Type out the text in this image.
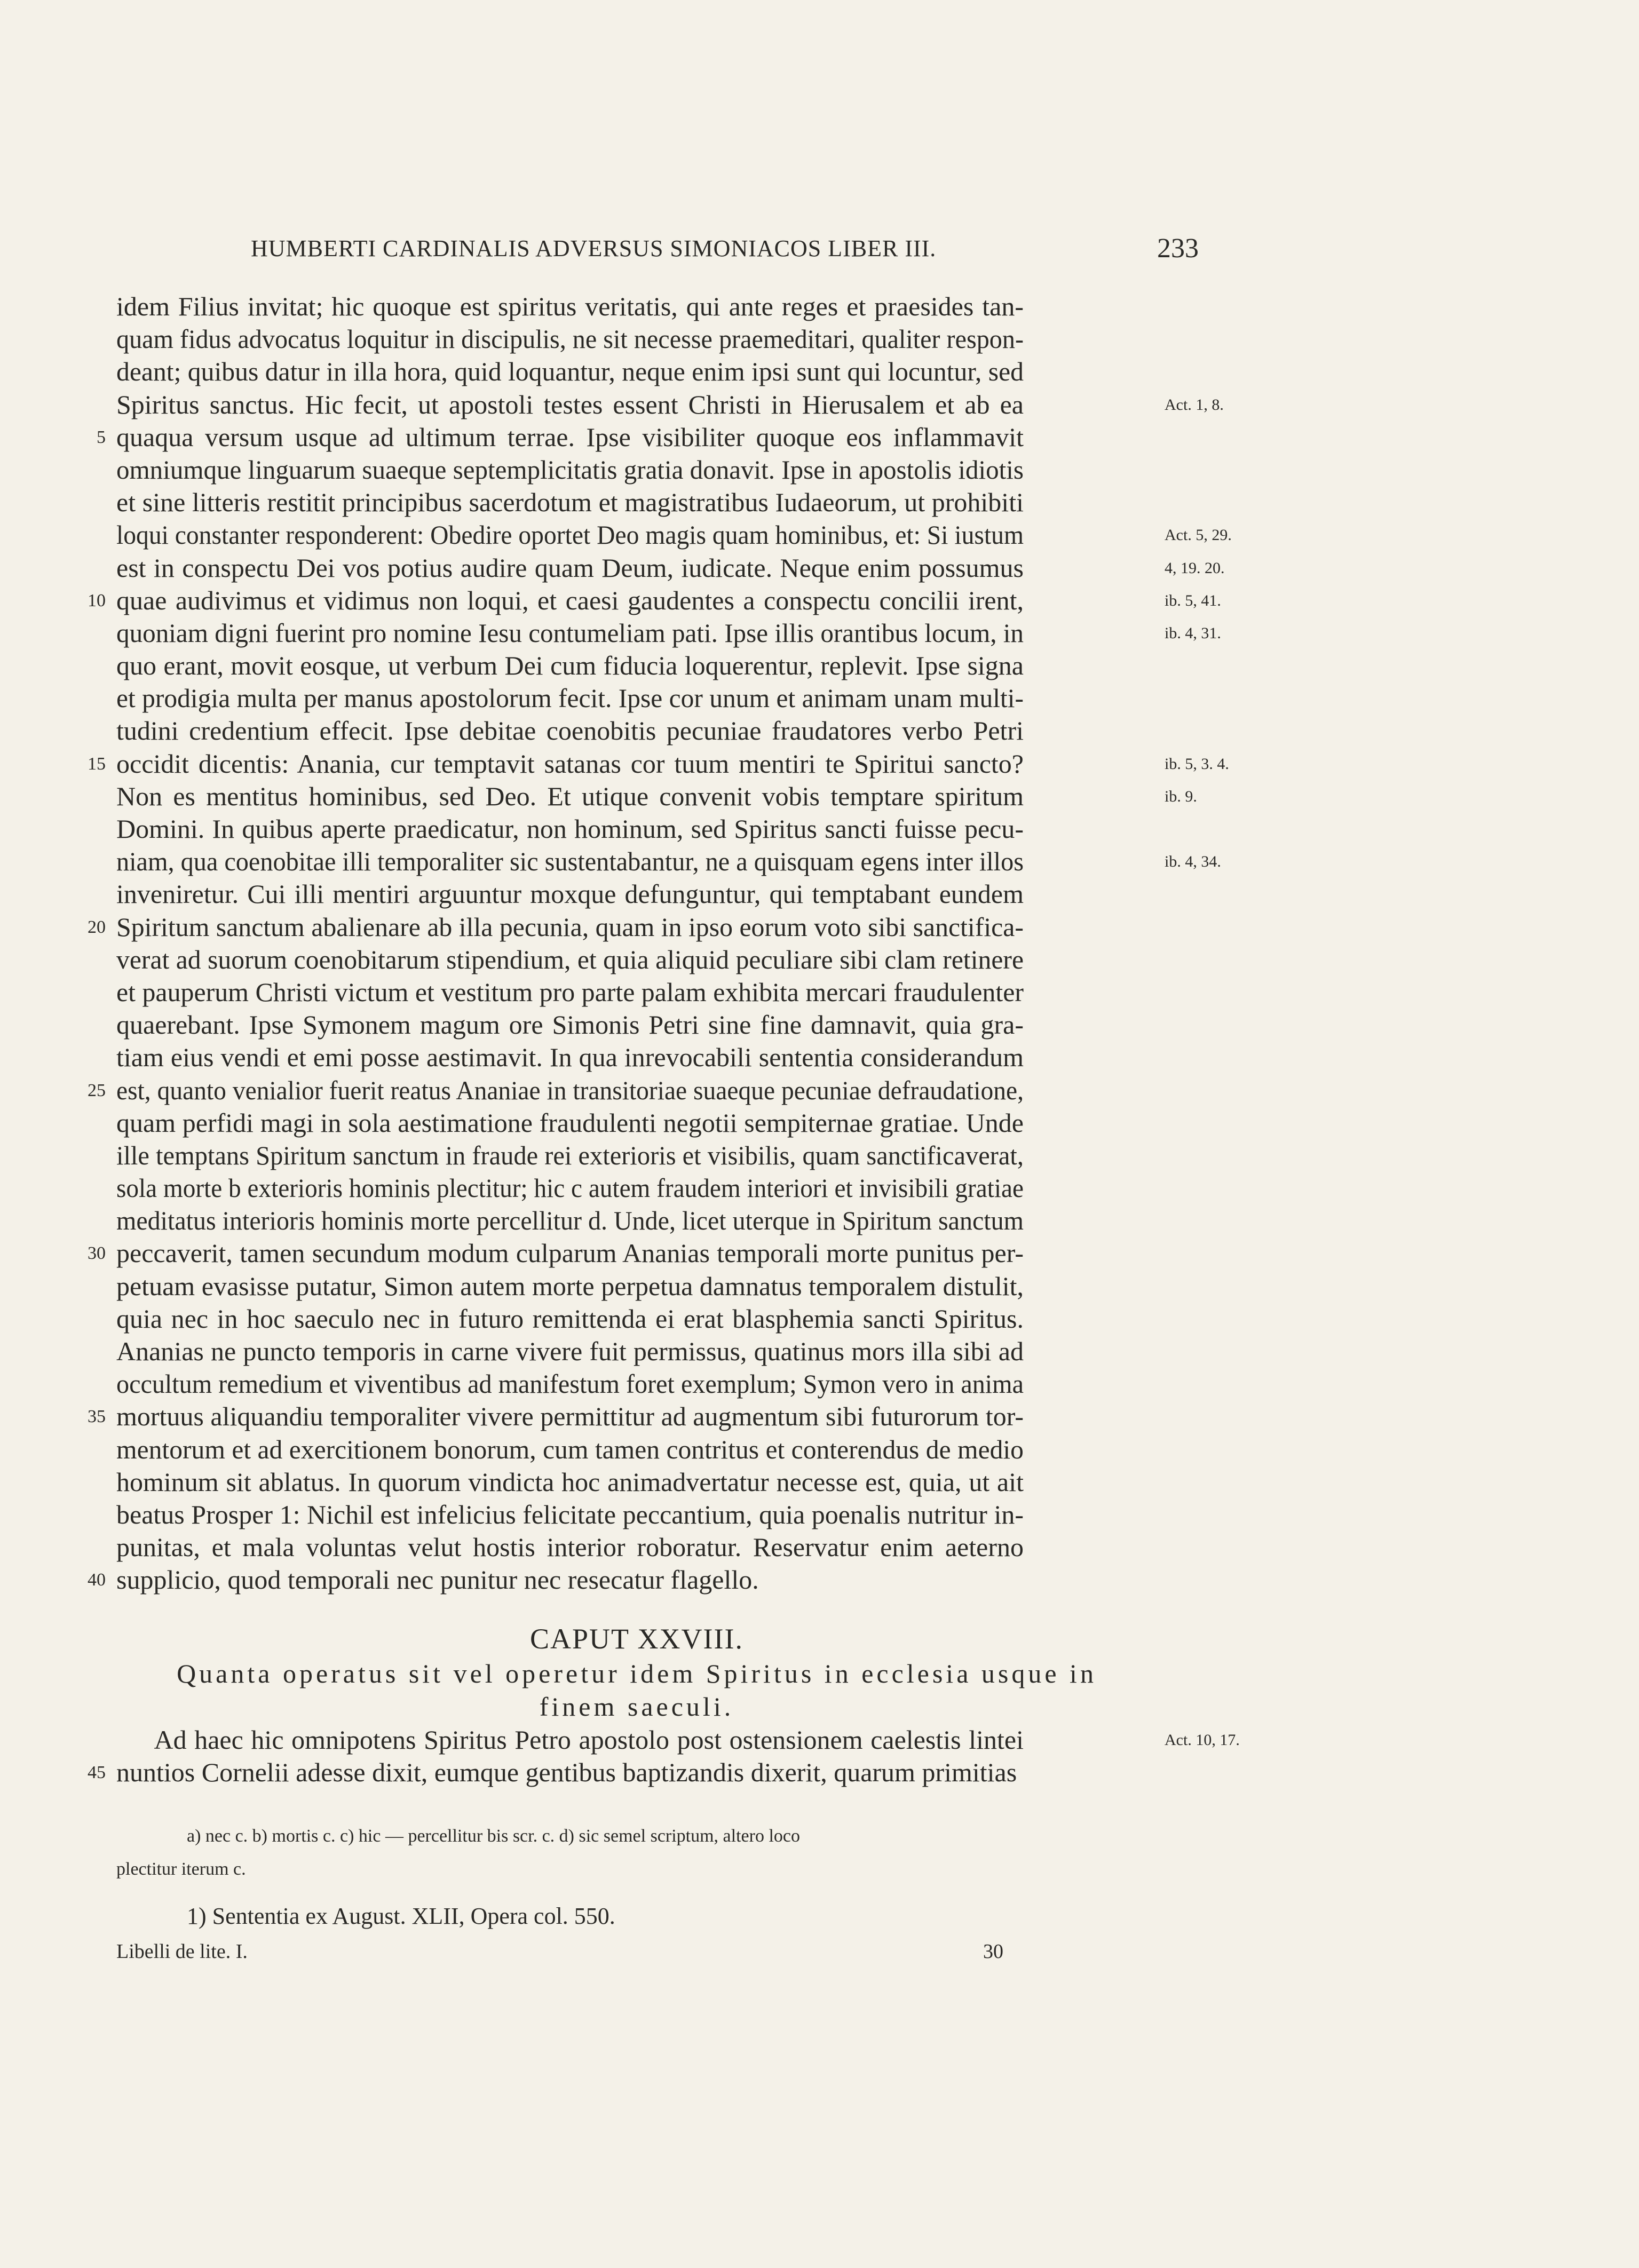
HUMBERTI CARDINALIS ADVERSUS SIMONIACOS LIBER III.	233
idem Filius invitat; hic quoque est spiritus veritatis, qui ante reges et praesides tan-
quam fidus advocatus loquitur in discipulis, ne sit necesse praemeditari, qualiter respon-
deant; quibus datur in illa hora, quid loquantur, neque enim ipsi sunt qui locuntur, sed
Spiritus sanctus. Hic fecit, ut apostoli testes essent Christi in Hierusalem et ab ea	Act. 1, 8.
5 quaqua versum usque ad ultimum terrae. Ipse visibiliter quoque eos inflammavit
omniumque linguarum suaeque septemplicitatis gratia donavit. Ipse in apostolis idiotis
et sine litteris restitit principibus sacerdotum et magistratibus Iudaeorum, ut prohibiti
loqui constanter responderent: Obedire oportet Deo magis quam hominibus, et: Si iustum	Act. 5, 29.
est in conspectu Dei vos potius audire quam Deum, iudicate. Neque enim possumus	4, 19. 20.
10 quae audivimus et vidimus non loqui, et caesi gaudentes a conspectu concilii irent,	ib. 5, 41.
quoniam digni fuerint pro nomine Iesu contumeliam pati. Ipse illis orantibus locum, in	ib. 4, 31.
quo erant, movit eosque, ut verbum Dei cum fiducia loquerentur, replevit. Ipse signa
et prodigia multa per manus apostolorum fecit. Ipse cor unum et animam unam multi-
tudini credentium effecit. Ipse debitae coenobitis pecuniae fraudatores verbo Petri
15 occidit dicentis: Anania, cur temptavit satanas cor tuum mentiri te Spiritui sancto?	ib. 5, 3. 4.
Non es mentitus hominibus, sed Deo. Et utique convenit vobis temptare spiritum	ib. 9.
Domini. In quibus aperte praedicatur, non hominum, sed Spiritus sancti fuisse pecu-
niam, qua coenobitae illi temporaliter sic sustentabantur, ne a quisquam egens inter illos	ib. 4, 34.
inveniretur. Cui illi mentiri arguuntur moxque defunguntur, qui temptabant eundem
20 Spiritum sanctum abalienare ab illa pecunia, quam in ipso eorum voto sibi sanctifica-
verat ad suorum coenobitarum stipendium, et quia aliquid peculiare sibi clam retinere
et pauperum Christi victum et vestitum pro parte palam exhibita mercari fraudulenter
quaerebant. Ipse Symonem magum ore Simonis Petri sine fine damnavit, quia gra-
tiam eius vendi et emi posse aestimavit. In qua inrevocabili sententia considerandum
25 est, quanto venialior fuerit reatus Ananiae in transitoriae suaeque pecuniae defraudatione,
quam perfidi magi in sola aestimatione fraudulenti negotii sempiternae gratiae. Unde
ille temptans Spiritum sanctum in fraude rei exterioris et visibilis, quam sanctificaverat,
sola morte b exterioris hominis plectitur; hic c autem fraudem interiori et invisibili gratiae
meditatus interioris hominis morte percellitur d. Unde, licet uterque in Spiritum sanctum
30 peccaverit, tamen secundum modum culparum Ananias temporali morte punitus per-
petuam evasisse putatur, Simon autem morte perpetua damnatus temporalem distulit,
quia nec in hoc saeculo nec in futuro remittenda ei erat blasphemia sancti Spiritus.
Ananias ne puncto temporis in carne vivere fuit permissus, quatinus mors illa sibi ad
occultum remedium et viventibus ad manifestum foret exemplum; Symon vero in anima
35 mortuus aliquandiu temporaliter vivere permittitur ad augmentum sibi futurorum tor-
mentorum et ad exercitionem bonorum, cum tamen contritus et conterendus de medio
hominum sit ablatus. In quorum vindicta hoc animadvertatur necesse est, quia, ut ait
beatus Prosper 1: Nichil est infelicius felicitate peccantium, quia poenalis nutritur in-
punitas, et mala voluntas velut hostis interior roboratur. Reservatur enim aeterno
40 supplicio, quod temporali nec punitur nec resecatur flagello.
CAPUT XXVIII.
Quanta operatus sit vel operetur idem Spiritus in ecclesia usque in
finem saeculi.
Ad haec hic omnipotens Spiritus Petro apostolo post ostensionem caelestis lintei	Act. 10, 17.
45 nuntios Cornelii adesse dixit, eumque gentibus baptizandis dixerit, quarum primitias
a) nec c. b) mortis c. c) hic — percellitur bis scr. c. d) sic semel scriptum, altero loco
plectitur iterum c.
1) Sententia ex August. XLII, Opera col. 550.
Libelli de lite. I.	30
